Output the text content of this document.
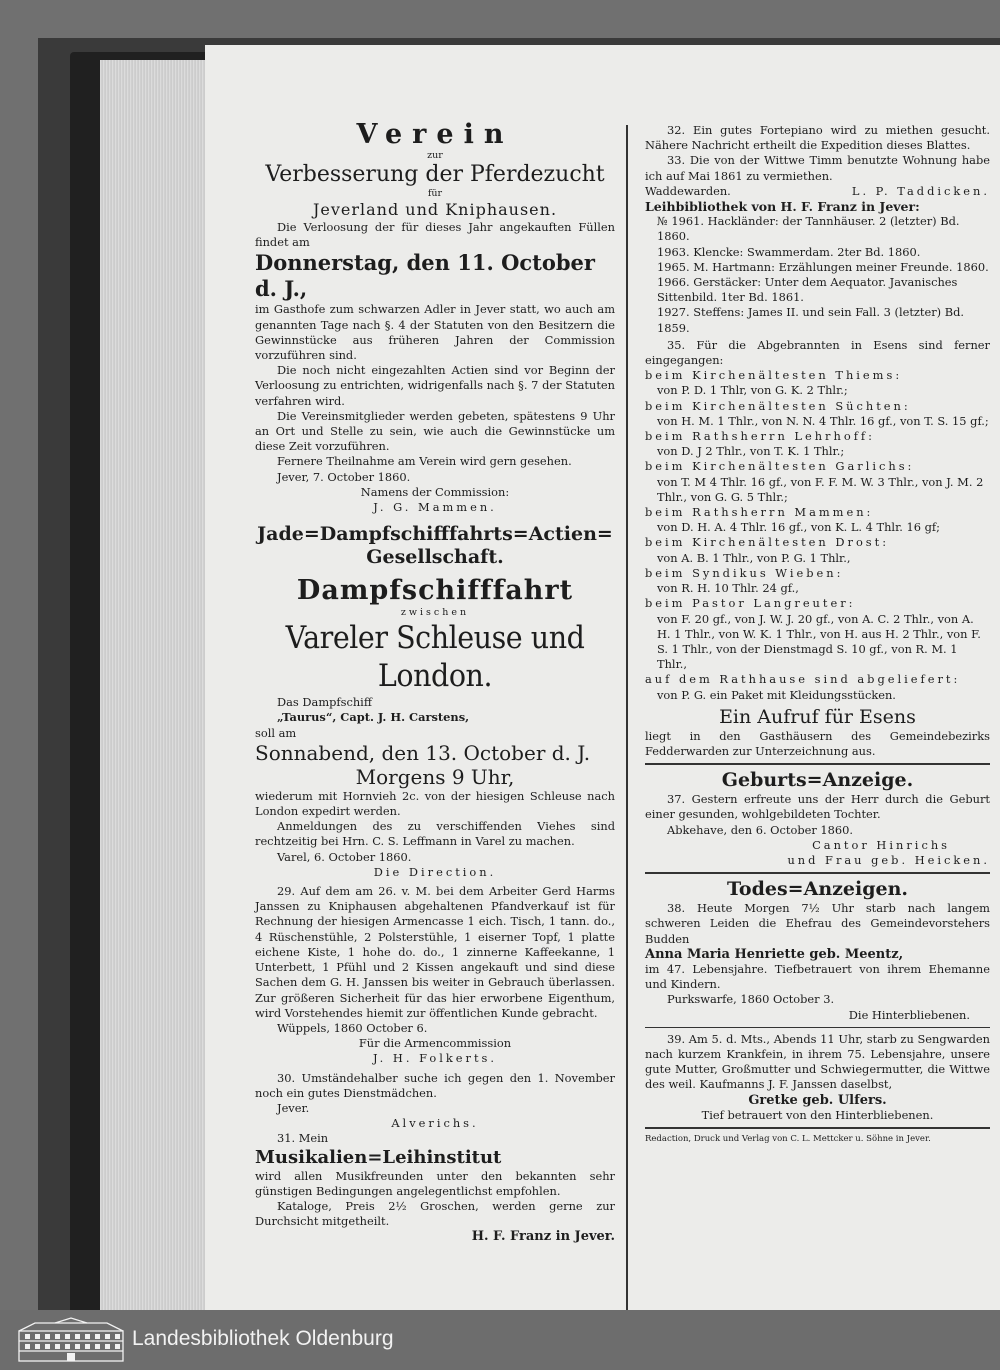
Verein

zur

Verbesserung der Pferdezucht

für

Jeverland und Kniphausen.

Die Verloosung der für dieses Jahr angekauften Füllen findet am

Donnerstag, den 11. October d. J.,

im Gasthofe zum schwarzen Adler in Jever statt, wo auch am genannten Tage nach §. 4 der Statuten von den Besitzern die Gewinnstücke aus früheren Jahren der Commission vorzuführen sind.

Die noch nicht eingezahlten Actien sind vor Beginn der Verloosung zu entrichten, widrigenfalls nach §. 7 der Statuten verfahren wird.

Die Vereinsmitglieder werden gebeten, spätestens 9 Uhr an Ort und Stelle zu sein, wie auch die Gewinnstücke um diese Zeit vorzuführen.

Fernere Theilnahme am Verein wird gern gesehen.

Jever, 7. October 1860.

Namens der Commission:

J. G. Mammen.

Jade=Dampfschifffahrts=Actien=

Gesellschaft.

Dampfschifffahrt

zwischen

Vareler Schleuse und London.

Das Dampfschiff

„Taurus“, Capt. J. H. Carstens,

soll am

Sonnabend, den 13. October d. J.

Morgens 9 Uhr,

wiederum mit Hornvieh 2c. von der hiesigen Schleuse nach London expedirt werden.

Anmeldungen des zu verschiffenden Viehes sind rechtzeitig bei Hrn. C. S. Leffmann in Varel zu machen.

Varel, 6. October 1860.

Die Direction.

29. Auf dem am 26. v. M. bei dem Arbeiter Gerd Harms Janssen zu Kniphausen abgehaltenen Pfandverkauf ist für Rechnung der hiesigen Armencasse 1 eich. Tisch, 1 tann. do., 4 Rüschenstühle, 2 Polsterstühle, 1 eiserner Topf, 1 platte eichene Kiste, 1 hohe do. do., 1 zinnerne Kaffeekanne, 1 Unterbett, 1 Pfühl und 2 Kissen angekauft und sind diese Sachen dem G. H. Janssen bis weiter in Gebrauch überlassen. Zur größeren Sicherheit für das hier erworbene Eigenthum, wird Vorstehendes hiemit zur öffentlichen Kunde gebracht.

Wüppels, 1860 October 6.

Für die Armencommission

J. H. Folkerts.

30. Umständehalber suche ich gegen den 1. November noch ein gutes Dienstmädchen.

Jever.

Alverichs.

31. Mein

Musikalien=Leihinstitut

wird allen Musikfreunden unter den bekannten sehr günstigen Bedingungen angelegentlichst empfohlen.

Kataloge, Preis 2½ Groschen, werden gerne zur Durchsicht mitgetheilt.

H. F. Franz in Jever.

32. Ein gutes Fortepiano wird zu miethen gesucht. Nähere Nachricht ertheilt die Expedition dieses Blattes.

33. Die von der Wittwe Timm benutzte Wohnung habe ich auf Mai 1861 zu vermiethen.

Waddewarden.	L. P. Taddicken.

Leihbibliothek von H. F. Franz in Jever:

№ 1961. Hackländer: der Tannhäuser. 2 (letzter) Bd. 1860.

1963. Klencke: Swammerdam. 2ter Bd. 1860.

1965. M. Hartmann: Erzählungen meiner Freunde. 1860.

1966. Gerstäcker: Unter dem Aequator. Javanisches Sittenbild. 1ter Bd. 1861.

1927. Steffens: James II. und sein Fall. 3 (letzter) Bd. 1859.

35. Für die Abgebrannten in Esens sind ferner eingegangen:

beim Kirchenältesten Thiems:

von P. D. 1 Thlr, von G. K. 2 Thlr.;

beim Kirchenältesten Süchten:

von H. M. 1 Thlr., von N. N. 4 Thlr. 16 gf., von T. S. 15 gf.;

beim Rathsherrn Lehrhoff:

von D. J 2 Thlr., von T. K. 1 Thlr.;

beim Kirchenältesten Garlichs:

von T. M 4 Thlr. 16 gf., von F. F. M. W. 3 Thlr., von J. M. 2 Thlr., von G. G. 5 Thlr.;

beim Rathsherrn Mammen:

von D. H. A. 4 Thlr. 16 gf., von K. L. 4 Thlr. 16 gf;

beim Kirchenältesten Drost:

von A. B. 1 Thlr., von P. G. 1 Thlr.,

beim Syndikus Wieben:

von R. H. 10 Thlr. 24 gf.,

beim Pastor Langreuter:

von F. 20 gf., von J. W. J. 20 gf., von A. C. 2 Thlr., von A. H. 1 Thlr., von W. K. 1 Thlr., von H. aus H. 2 Thlr., von F. S. 1 Thlr., von der Dienstmagd S. 10 gf., von R. M. 1 Thlr.,

auf dem Rathhause sind abgeliefert:

von P. G. ein Paket mit Kleidungsstücken.

Ein Aufruf für Esens

liegt in den Gasthäusern des Gemeindebezirks Fedderwarden zur Unterzeichnung aus.

Geburts=Anzeige.

37. Gestern erfreute uns der Herr durch die Geburt einer gesunden, wohlgebildeten Tochter.

Abkehave, den 6. October 1860.

Cantor Hinrichs

und Frau geb. Heicken.

Todes=Anzeigen.

38. Heute Morgen 7½ Uhr starb nach langem schweren Leiden die Ehefrau des Gemeindevorstehers Budden

Anna Maria Henriette geb. Meentz,

im 47. Lebensjahre. Tiefbetrauert von ihrem Ehemanne und Kindern.

Purkswarfe, 1860 October 3.

Die Hinterbliebenen.

39. Am 5. d. Mts., Abends 11 Uhr, starb zu Sengwarden nach kurzem Krankfein, in ihrem 75. Lebensjahre, unsere gute Mutter, Großmutter und Schwiegermutter, die Wittwe des weil. Kaufmanns J. F. Janssen daselbst,

Gretke geb. Ulfers.

Tief betrauert von den Hinterbliebenen.

Redaction, Druck und Verlag von C. L. Mettcker u. Söhne in Jever.

Landesbibliothek Oldenburg
